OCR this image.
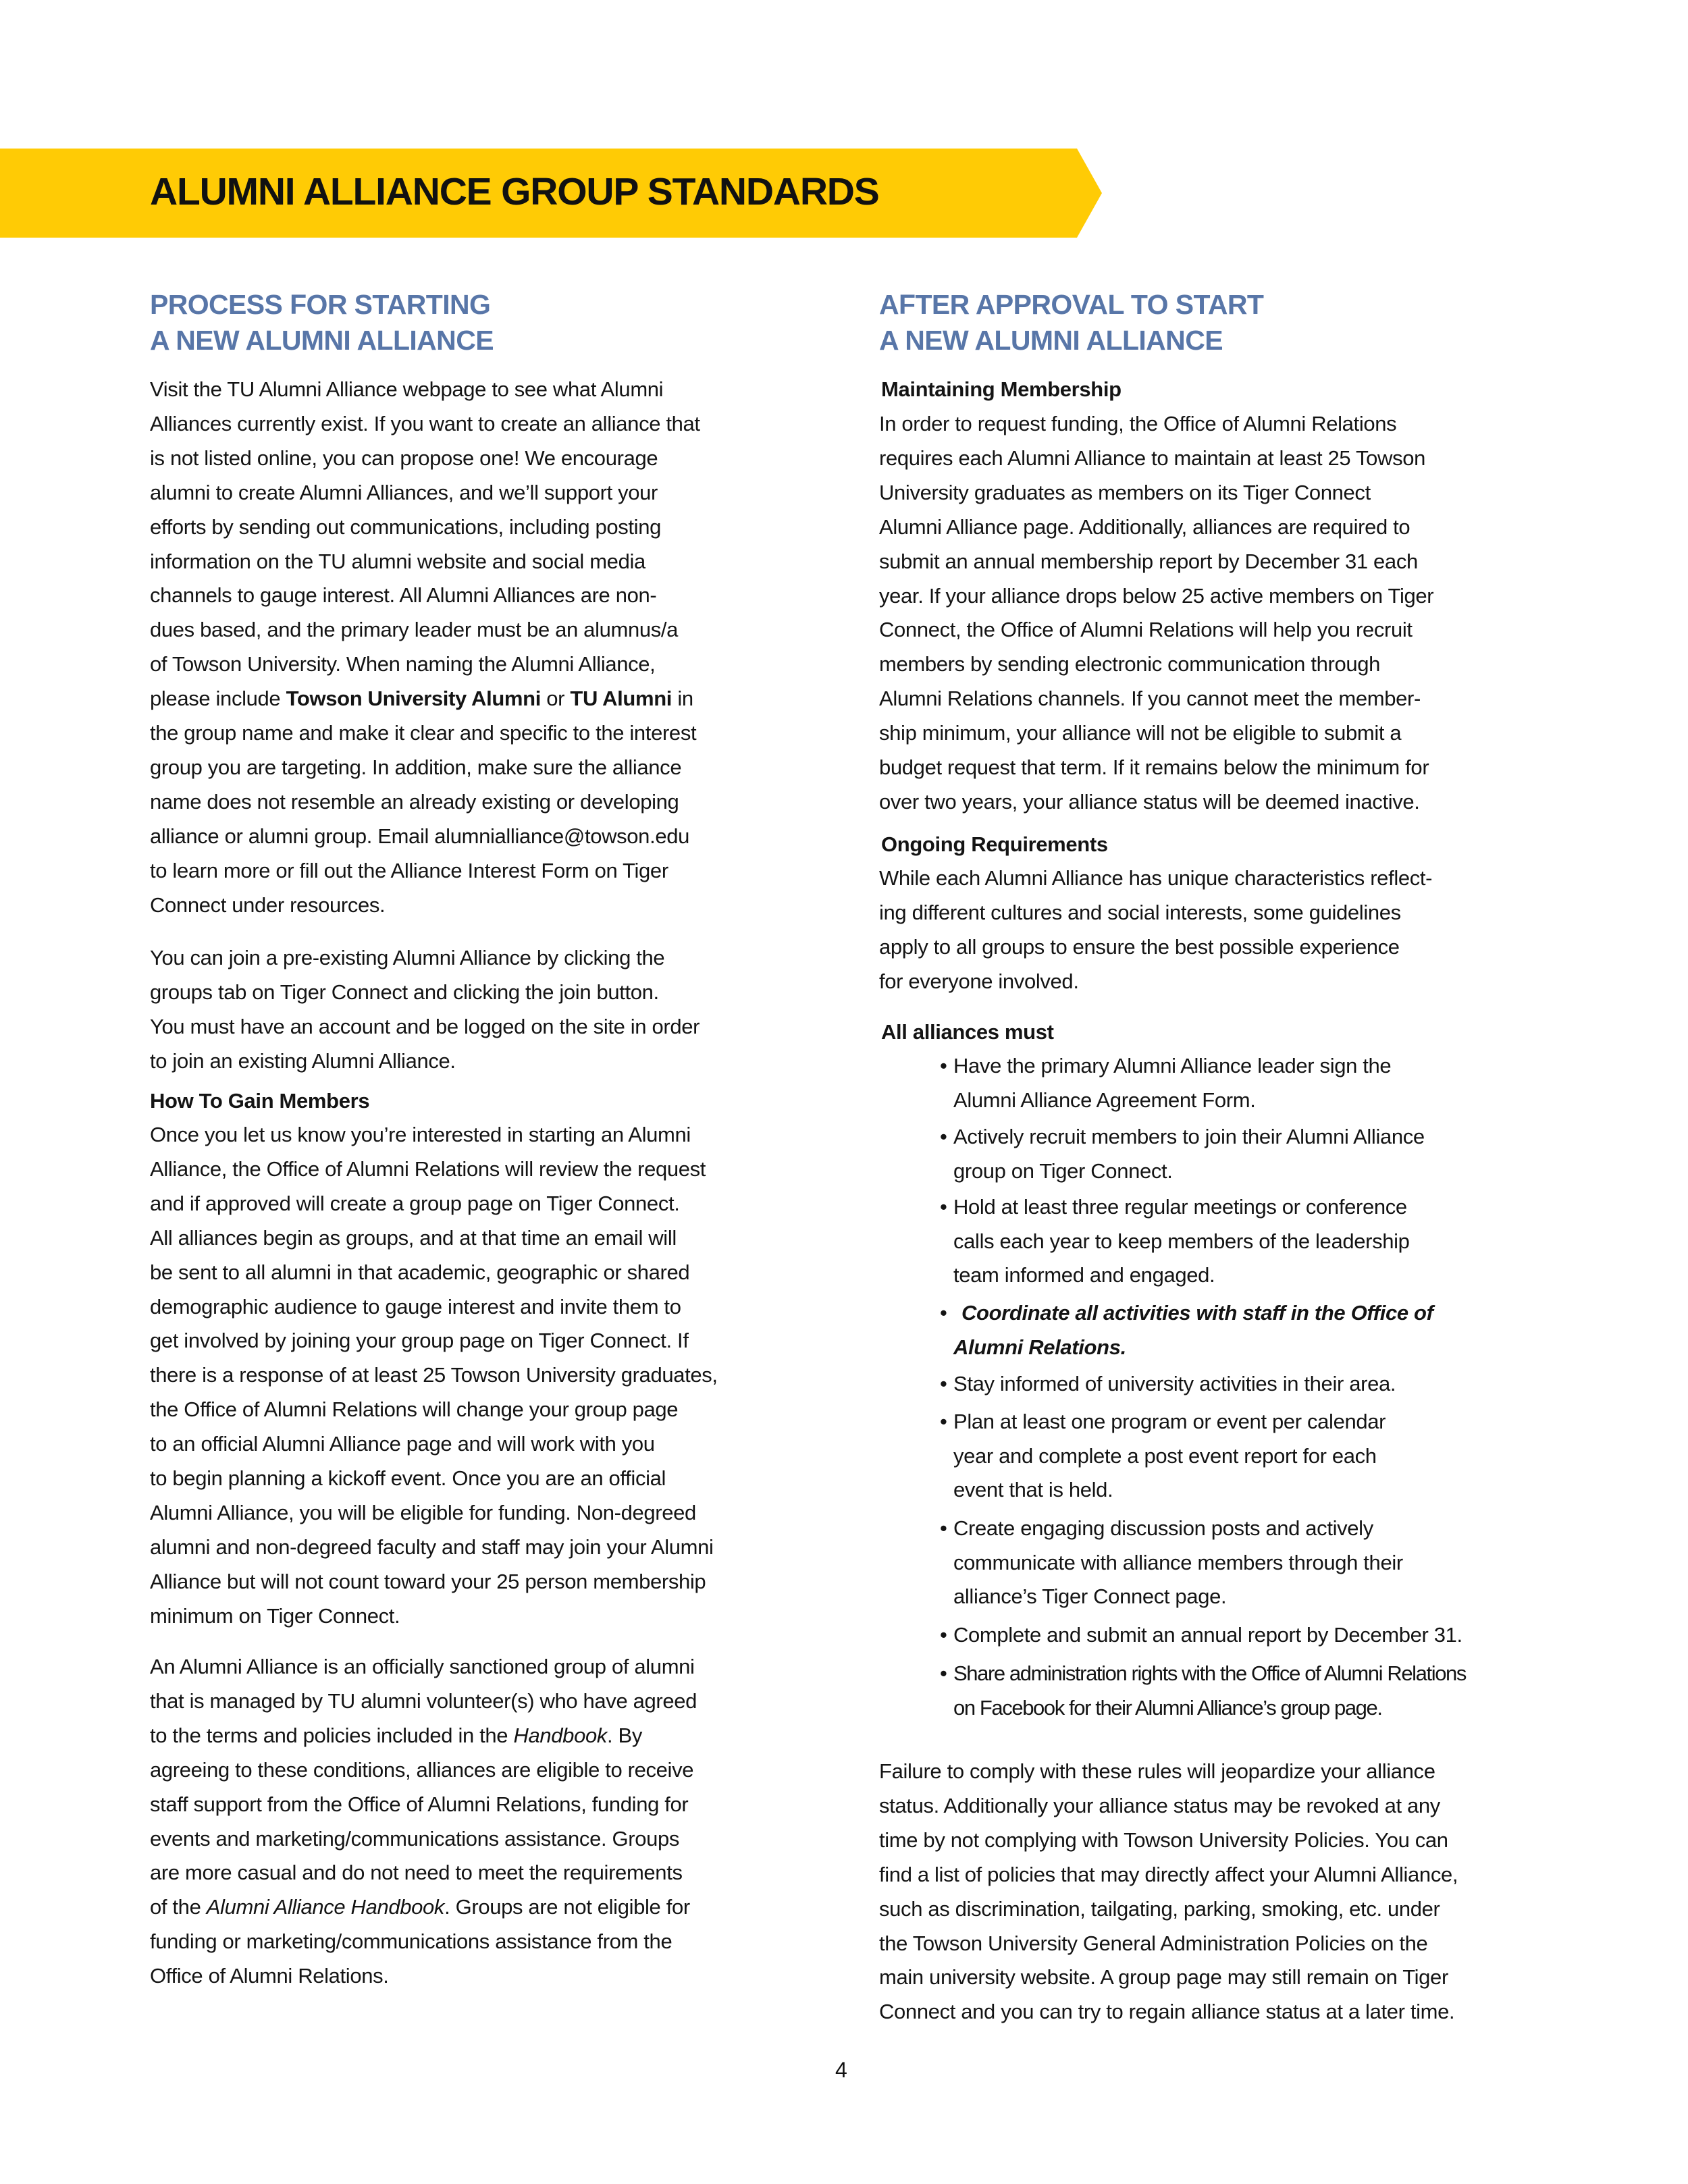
ALUMNI ALLIANCE GROUP STANDARDS
PROCESS FOR STARTING
A NEW ALUMNI ALLIANCE
Visit the TU Alumni Alliance webpage to see what Alumni
Alliances currently exist. If you want to create an alliance that
is not listed online, you can propose one! We encourage
alumni to create Alumni Alliances, and we’ll support your
efforts by sending out communications, including posting
information on the TU alumni website and social media
channels to gauge interest. All Alumni Alliances are non-
dues based, and the primary leader must be an alumnus/a
of Towson University. When naming the Alumni Alliance,
please include Towson University Alumni or TU Alumni in
the group name and make it clear and specific to the interest
group you are targeting. In addition, make sure the alliance
name does not resemble an already existing or developing
alliance or alumni group. Email alumnialliance@towson.edu
to learn more or fill out the Alliance Interest Form on Tiger
Connect under resources.
You can join a pre-existing Alumni Alliance by clicking the
groups tab on Tiger Connect and clicking the join button.
You must have an account and be logged on the site in order
to join an existing Alumni Alliance.
How To Gain Members
Once you let us know you’re interested in starting an Alumni
Alliance, the Office of Alumni Relations will review the request
and if approved will create a group page on Tiger Connect.
All alliances begin as groups, and at that time an email will
be sent to all alumni in that academic, geographic or shared
demographic audience to gauge interest and invite them to
get involved by joining your group page on Tiger Connect. If
there is a response of at least 25 Towson University graduates,
the Office of Alumni Relations will change your group page
to an official Alumni Alliance page and will work with you
to begin planning a kickoff event. Once you are an official
Alumni Alliance, you will be eligible for funding. Non-degreed
alumni and non-degreed faculty and staff may join your Alumni
Alliance but will not count toward your 25 person membership
minimum on Tiger Connect.
An Alumni Alliance is an officially sanctioned group of alumni
that is managed by TU alumni volunteer(s) who have agreed
to the terms and policies included in the Handbook. By
agreeing to these conditions, alliances are eligible to receive
staff support from the Office of Alumni Relations, funding for
events and marketing/communications assistance. Groups
are more casual and do not need to meet the requirements
of the Alumni Alliance Handbook. Groups are not eligible for
funding or marketing/communications assistance from the
Office of Alumni Relations.
AFTER APPROVAL TO START
A NEW ALUMNI ALLIANCE
Maintaining Membership
In order to request funding, the Office of Alumni Relations
requires each Alumni Alliance to maintain at least 25 Towson
University graduates as members on its Tiger Connect
Alumni Alliance page. Additionally, alliances are required to
submit an annual membership report by December 31 each
year. If your alliance drops below 25 active members on Tiger
Connect, the Office of Alumni Relations will help you recruit
members by sending electronic communication through
Alumni Relations channels. If you cannot meet the member-
ship minimum, your alliance will not be eligible to submit a
budget request that term. If it remains below the minimum for
over two years, your alliance status will be deemed inactive.
Ongoing Requirements
While each Alumni Alliance has unique characteristics reflect-
ing different cultures and social interests, some guidelines
apply to all groups to ensure the best possible experience
for everyone involved.
All alliances must
• Have the primary Alumni Alliance leader sign the
Alumni Alliance Agreement Form.
• Actively recruit members to join their Alumni Alliance
group on Tiger Connect.
• Hold at least three regular meetings or conference
calls each year to keep members of the leadership
team informed and engaged.
• Coordinate all activities with staff in the Office of
Alumni Relations.
• Stay informed of university activities in their area.
• Plan at least one program or event per calendar
year and complete a post event report for each
event that is held.
• Create engaging discussion posts and actively
communicate with alliance members through their
alliance’s Tiger Connect page.
• Complete and submit an annual report by December 31.
• Share administration rights with the Office of Alumni Relations
on Facebook for their Alumni Alliance’s group page.
Failure to comply with these rules will jeopardize your alliance
status. Additionally your alliance status may be revoked at any
time by not complying with Towson University Policies. You can
find a list of policies that may directly affect your Alumni Alliance,
such as discrimination, tailgating, parking, smoking, etc. under
the Towson University General Administration Policies on the
main university website. A group page may still remain on Tiger
Connect and you can try to regain alliance status at a later time.
4
